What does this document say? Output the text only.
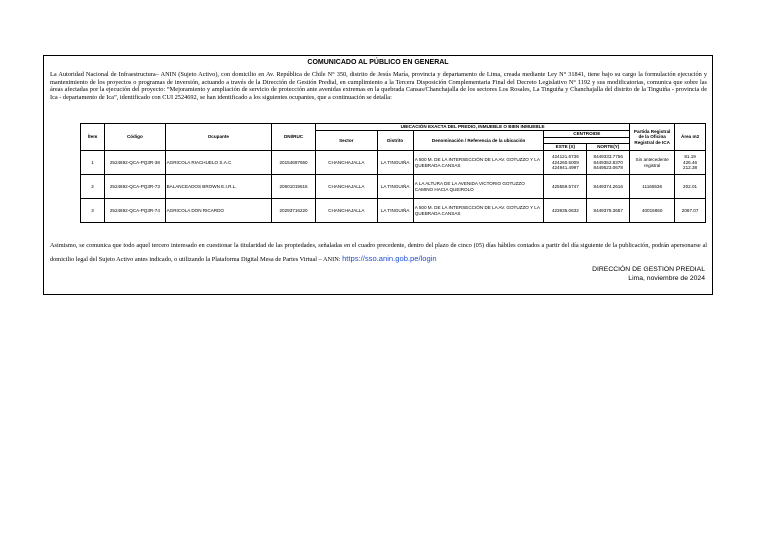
COMUNICADO AL PÚBLICO EN GENERAL
La Autoridad Nacional de Infraestructura– ANIN (Sujeto Activo), con domicilio en Av. República de Chile N° 350, distrito de Jesús María, provincia y departamento de Lima, creada mediante Ley N° 31841, tiene bajo su cargo la formulación ejecución y mantenimiento de los proyectos o programas de inversión, actuando a través de la Dirección de Gestión Predial, en cumplimiento a la Tercera Disposición Complementaria Final del Decreto Legislativo N° 1192 y sus modificatorias, comunica que sobre las áreas afectadas por la ejecución del proyecto: “Mejoramiento y ampliación de servicio de protección ante avenidas extremas en la quebrada Cansas/Chanchajalla de los sectores Los Rosales, La Tinguiña y Chanchajalla del distrito de la Tinguiña - provincia de Ica - departamento de Ica”, identificado con CUI 2524692, se han identificado a los siguientes ocupantes, que a continuación se detalla:
Ítem	Código	Ocupante	DNI/RUC	UBICACIÓN EXACTA DEL PREDIO, INMUEBLE O BIEN INMUEBLE					Partida Registral de la Oficina Registral de ICA	Área m2
				Sector	Distrito	Denominación / Referencia de la ubicación	CENTROIDE			

							ESTE (X)	NORTE(Y)		
1	2524692-QCA-PQ3R-38	AGRICOLA RIACHUELO S.A.C	20154697650	CHANCHAJALLA	LA TINGUIÑA	A 500 M. DE LA INTERSECCIÓN DE LA AV. GOTUZZO Y LA QUEBRADA CANSAS	424121.6736
424260.5009
424941.4997	8449333.7756
8449352.8370
8449523.0678	Sin antecedente registral	81.19
426.46
212.38
2	2524692-QCA-PQ3R-73	BALANCEADOS BROWN E.I.R.L.	20601019516	CHANCHAJALLA	LA TINGUIÑA	A LA ALTURA DE LA AVENIDA VICTORIO GOTUZZO CAMINO HACIA QUEIROLO	425559.5747	8449374.2616	11165536	202.01
3	2524692-QCA-PQ3R-74	AGRICOLA DON RICARDO	20293716220	CHANCHAJALLA	LA TINGUIÑA	A 500 M. DE LA INTERSECCIÓN DE LA AV. GOTUZZO Y LA QUEBRADA CANSAS	423935.0632	8449378.3657	40015650	2087.07
Asimismo, se comunica que todo aquel tercero interesado en cuestionar la titularidad de las propiedades, señaladas en el cuadro precedente, dentro del plazo de cinco (05) días hábiles contados a partir del día siguiente de la publicación, podrán apersonarse al domicilio legal del Sujeto Activo antes indicado, o utilizando la Plataforma Digital Mesa de Partes Virtual – ANIN: https://sso.anin.gob.pe/login
DIRECCIÓN DE GESTION PREDIAL
Lima, noviembre de 2024
